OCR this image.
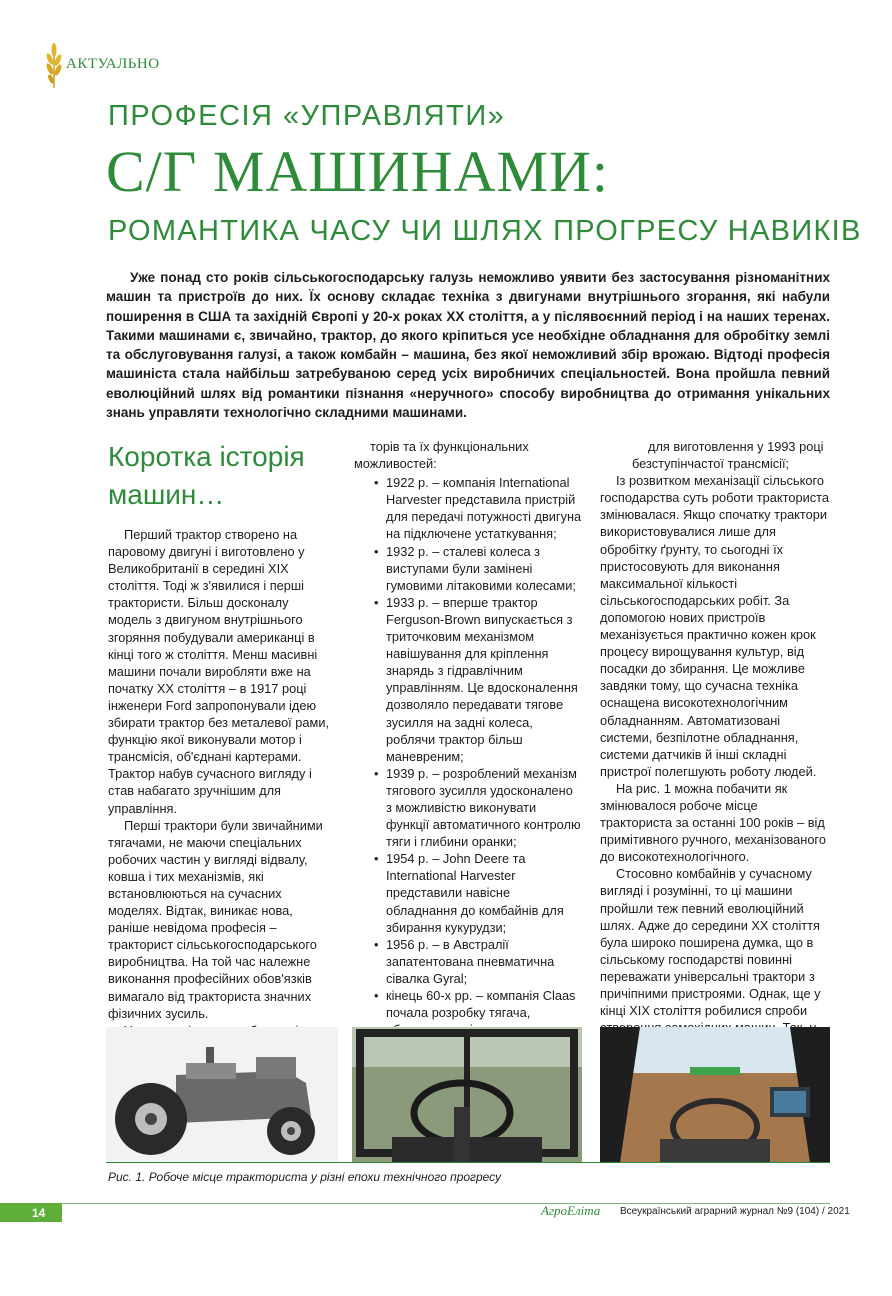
АКТУАЛЬНО
ПРОФЕСІЯ «УПРАВЛЯТИ»
С/Г МАШИНАМИ:
РОМАНТИКА ЧАСУ ЧИ ШЛЯХ ПРОГРЕСУ НАВИКІВ

Уже понад сто років сільськогосподарську галузь неможливо уявити без застосування різноманітних машин та пристроїв до них. Їх основу складає техніка з двигунами внутрішнього згорання, які набули поширення в США та західній Європі у 20-х роках ХХ століття, а у післявоєнний період і на наших теренах. Такими машинами є, звичайно, трактор, до якого кріпиться усе необхідне обладнання для обробітку землі та обслуговування галузі, а також комбайн – машина, без якої неможливий збір врожаю. Відтоді професія машиніста стала найбільш затребуваною серед усіх виробничих спеціальностей. Вона пройшла певний еволюційний шлях від романтики пізнання «неручного» способу виробництва до отримання унікальних знань управляти технологічно складними машинами.

Коротка історія машин…

Перший трактор створено на паровому двигуні і виготовлено у Великобританії в середині ХІХ століття. Тоді ж з'явилися і перші трактористи. Більш досконалу модель з двигуном внутрішнього згоряння побудували американці в кінці того ж століття. Менш масивні машини почали виробляти вже на початку ХХ століття – в 1917 році інженери Ford запропонували ідею збирати трактор без металевої рами, функцію якої виконували мотор і трансмісія, об'єднані картерами. Трактор набув сучасного вигляду і став набагато зручнішим для управління.

Перші трактори були звичайними тягачами, не маючи спеціальних робочих частин у вигляді відвалу, ковша і тих механізмів, які встановлюються на сучасних моделях. Відтак, виникає нова, раніше невідома професія – тракторист сільськогосподарського виробництва. На той час належне виконання професійних обов'язків вимагало від тракториста значних фізичних зусиль.

торів та їх функціональних можливостей:

• 1922 р. – компанія International Harvester представила пристрій для передачі потужності двигуна на підключене устаткування;
• 1932 р. – сталеві колеса з виступами були замінені гумовими літаковими колесами;
• 1933 р. – вперше трактор Ferguson-Brown випускається з триточковим механізмом навішування для кріплення знарядь з гідравлічним управлінням. Це вдосконалення дозволяло передавати тягове зусилля на задні колеса, роблячи трактор більш маневреним;
• 1939 р. – розроблений механізм тягового зусилля удосконалено з можливістю виконувати функції автоматичного контролю тяги і глибини оранки;
• 1954 р. – John Deere та International Harvester представили навісне обладнання до комбайнів для збирання кукурудзи;
• 1956 р. – в Австралії запатентована пневматична сівалка Gyral;
• кінець 60-х рр. – компанія Claas почала розробку тягача,

для виготовлення у 1993 році безступінчастої трансмісії;

Із розвитком механізації сільського господарства суть роботи тракториста змінювалася. Якщо спочатку трактори використовувалися лише для обробітку ґрунту, то сьогодні їх пристосовують для виконання максимальної кількості сільськогосподарських робіт. За допомогою нових пристроїв механізується практично кожен крок процесу вирощування культур, від посадки до збирання. Це можливе завдяки тому, що сучасна техніка оснащена високотехнологічним обладнанням. Автоматизовані системи, безпілотне обладнання, системи датчиків й інші складні пристрої полегшують роботу людей.

На рис. 1 можна побачити як змінювалося робоче місце тракториста за останні 100 років – від примітивного ручного, механізованого до високотехнологічного.

Стосовно комбайнів у сучасному вигляді і розумінні, то ці машини пройшли теж певний еволюційний шлях. Адже до середини ХХ століття була широко поширена думка, що в сільському господарстві повинні переважати універсальні трактори з причіпними пристроями. Однак, ще у кінці ХІХ століття робилися спроби

Рис. 1. Робоче місце тракториста у різні епохи технічного прогресу
14	АгроЕліта Всеукраїнський аграрний журнал №9 (104) / 2021
